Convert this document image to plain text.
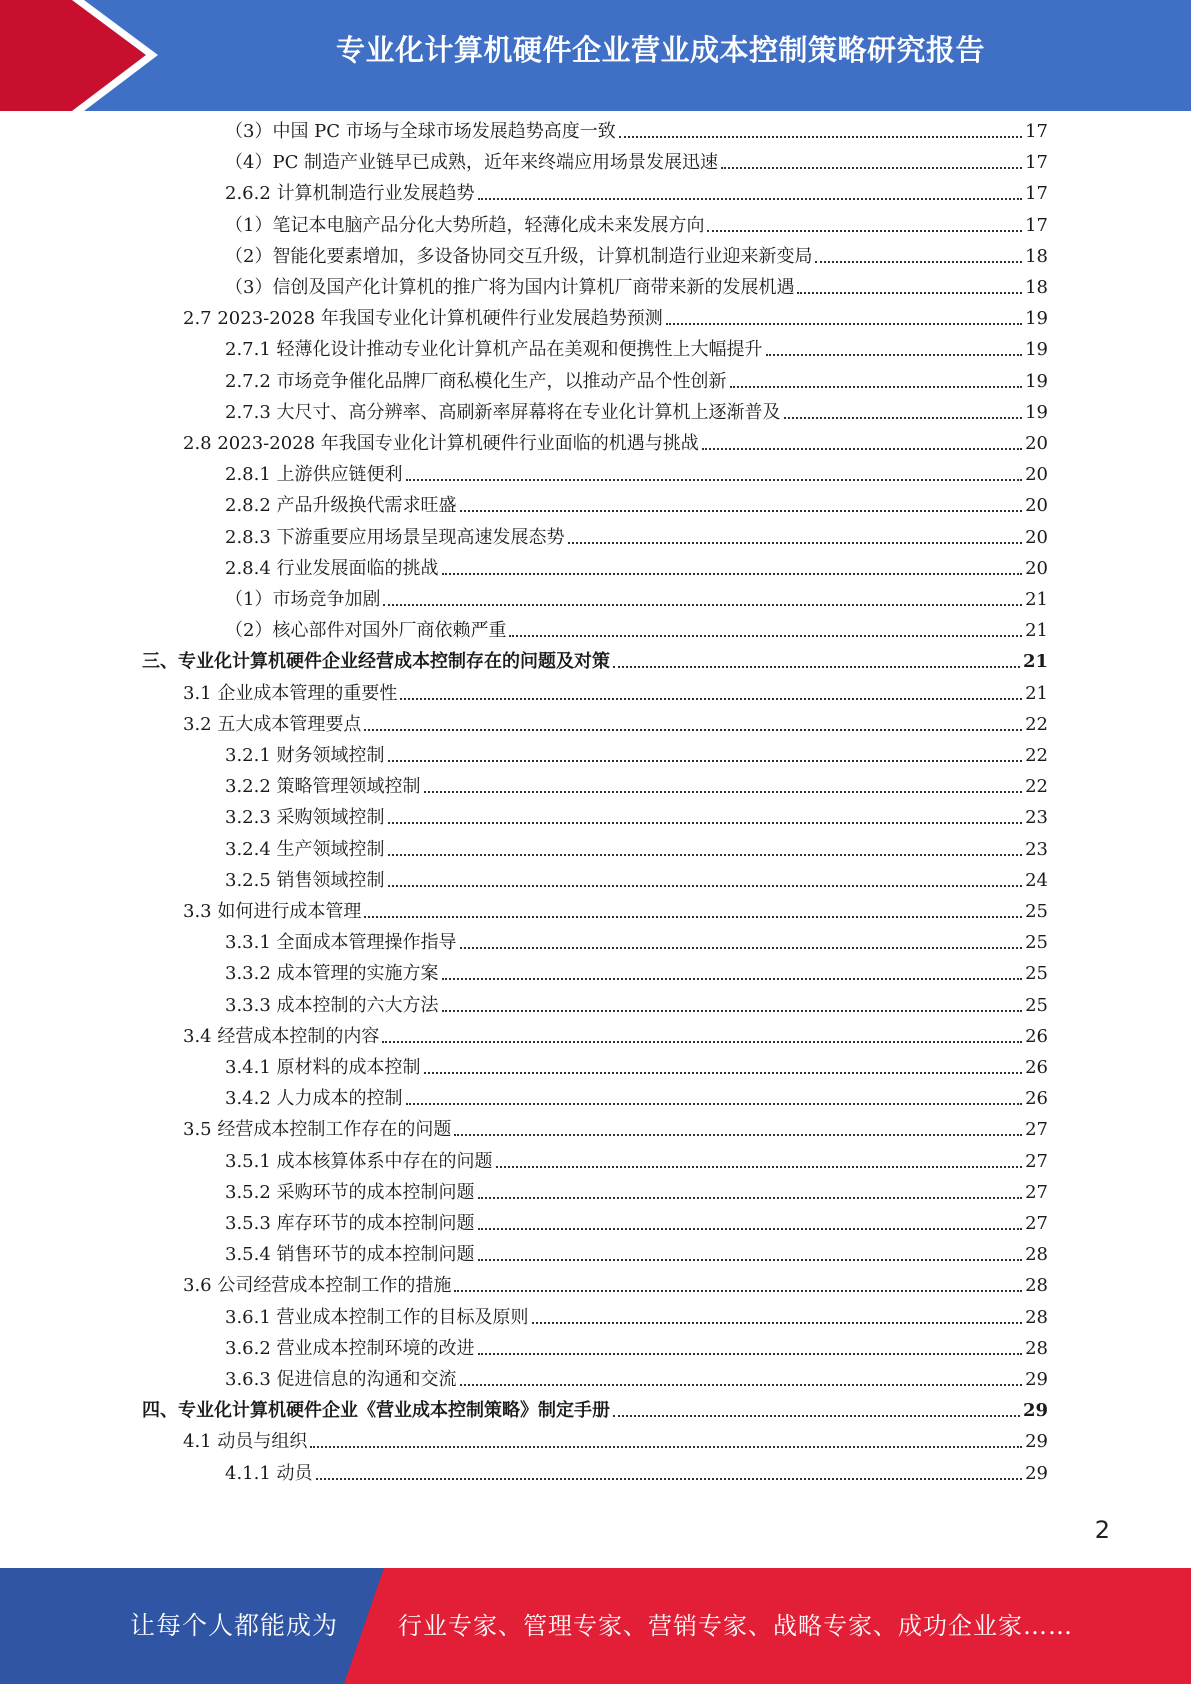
专业化计算机硬件企业营业成本控制策略研究报告
（3）中国 PC 市场与全球市场发展趋势高度一致	17
（4）PC 制造产业链早已成熟，近年来终端应用场景发展迅速	17
2.6.2 计算机制造行业发展趋势	17
（1）笔记本电脑产品分化大势所趋，轻薄化成未来发展方向	17
（2）智能化要素增加，多设备协同交互升级，计算机制造行业迎来新变局	18
（3）信创及国产化计算机的推广将为国内计算机厂商带来新的发展机遇	18
2.7 2023-2028 年我国专业化计算机硬件行业发展趋势预测	19
2.7.1 轻薄化设计推动专业化计算机产品在美观和便携性上大幅提升	19
2.7.2 市场竞争催化品牌厂商私模化生产，以推动产品个性创新	19
2.7.3 大尺寸、高分辨率、高刷新率屏幕将在专业化计算机上逐渐普及	19
2.8 2023-2028 年我国专业化计算机硬件行业面临的机遇与挑战	20
2.8.1 上游供应链便利	20
2.8.2 产品升级换代需求旺盛	20
2.8.3 下游重要应用场景呈现高速发展态势	20
2.8.4 行业发展面临的挑战	20
（1）市场竞争加剧	21
（2）核心部件对国外厂商依赖严重	21
三、专业化计算机硬件企业经营成本控制存在的问题及对策	21
3.1 企业成本管理的重要性	21
3.2 五大成本管理要点	22
3.2.1 财务领域控制	22
3.2.2 策略管理领域控制	22
3.2.3 采购领域控制	23
3.2.4 生产领域控制	23
3.2.5 销售领域控制	24
3.3 如何进行成本管理	25
3.3.1 全面成本管理操作指导	25
3.3.2 成本管理的实施方案	25
3.3.3 成本控制的六大方法	25
3.4 经营成本控制的内容	26
3.4.1 原材料的成本控制	26
3.4.2 人力成本的控制	26
3.5 经营成本控制工作存在的问题	27
3.5.1 成本核算体系中存在的问题	27
3.5.2 采购环节的成本控制问题	27
3.5.3 库存环节的成本控制问题	27
3.5.4 销售环节的成本控制问题	28
3.6 公司经营成本控制工作的措施	28
3.6.1 营业成本控制工作的目标及原则	28
3.6.2 营业成本控制环境的改进	28
3.6.3 促进信息的沟通和交流	29
四、专业化计算机硬件企业《营业成本控制策略》制定手册	29
4.1 动员与组织	29
4.1.1 动员	29
2
让每个人都能成为 行业专家、管理专家、营销专家、战略专家、成功企业家……
